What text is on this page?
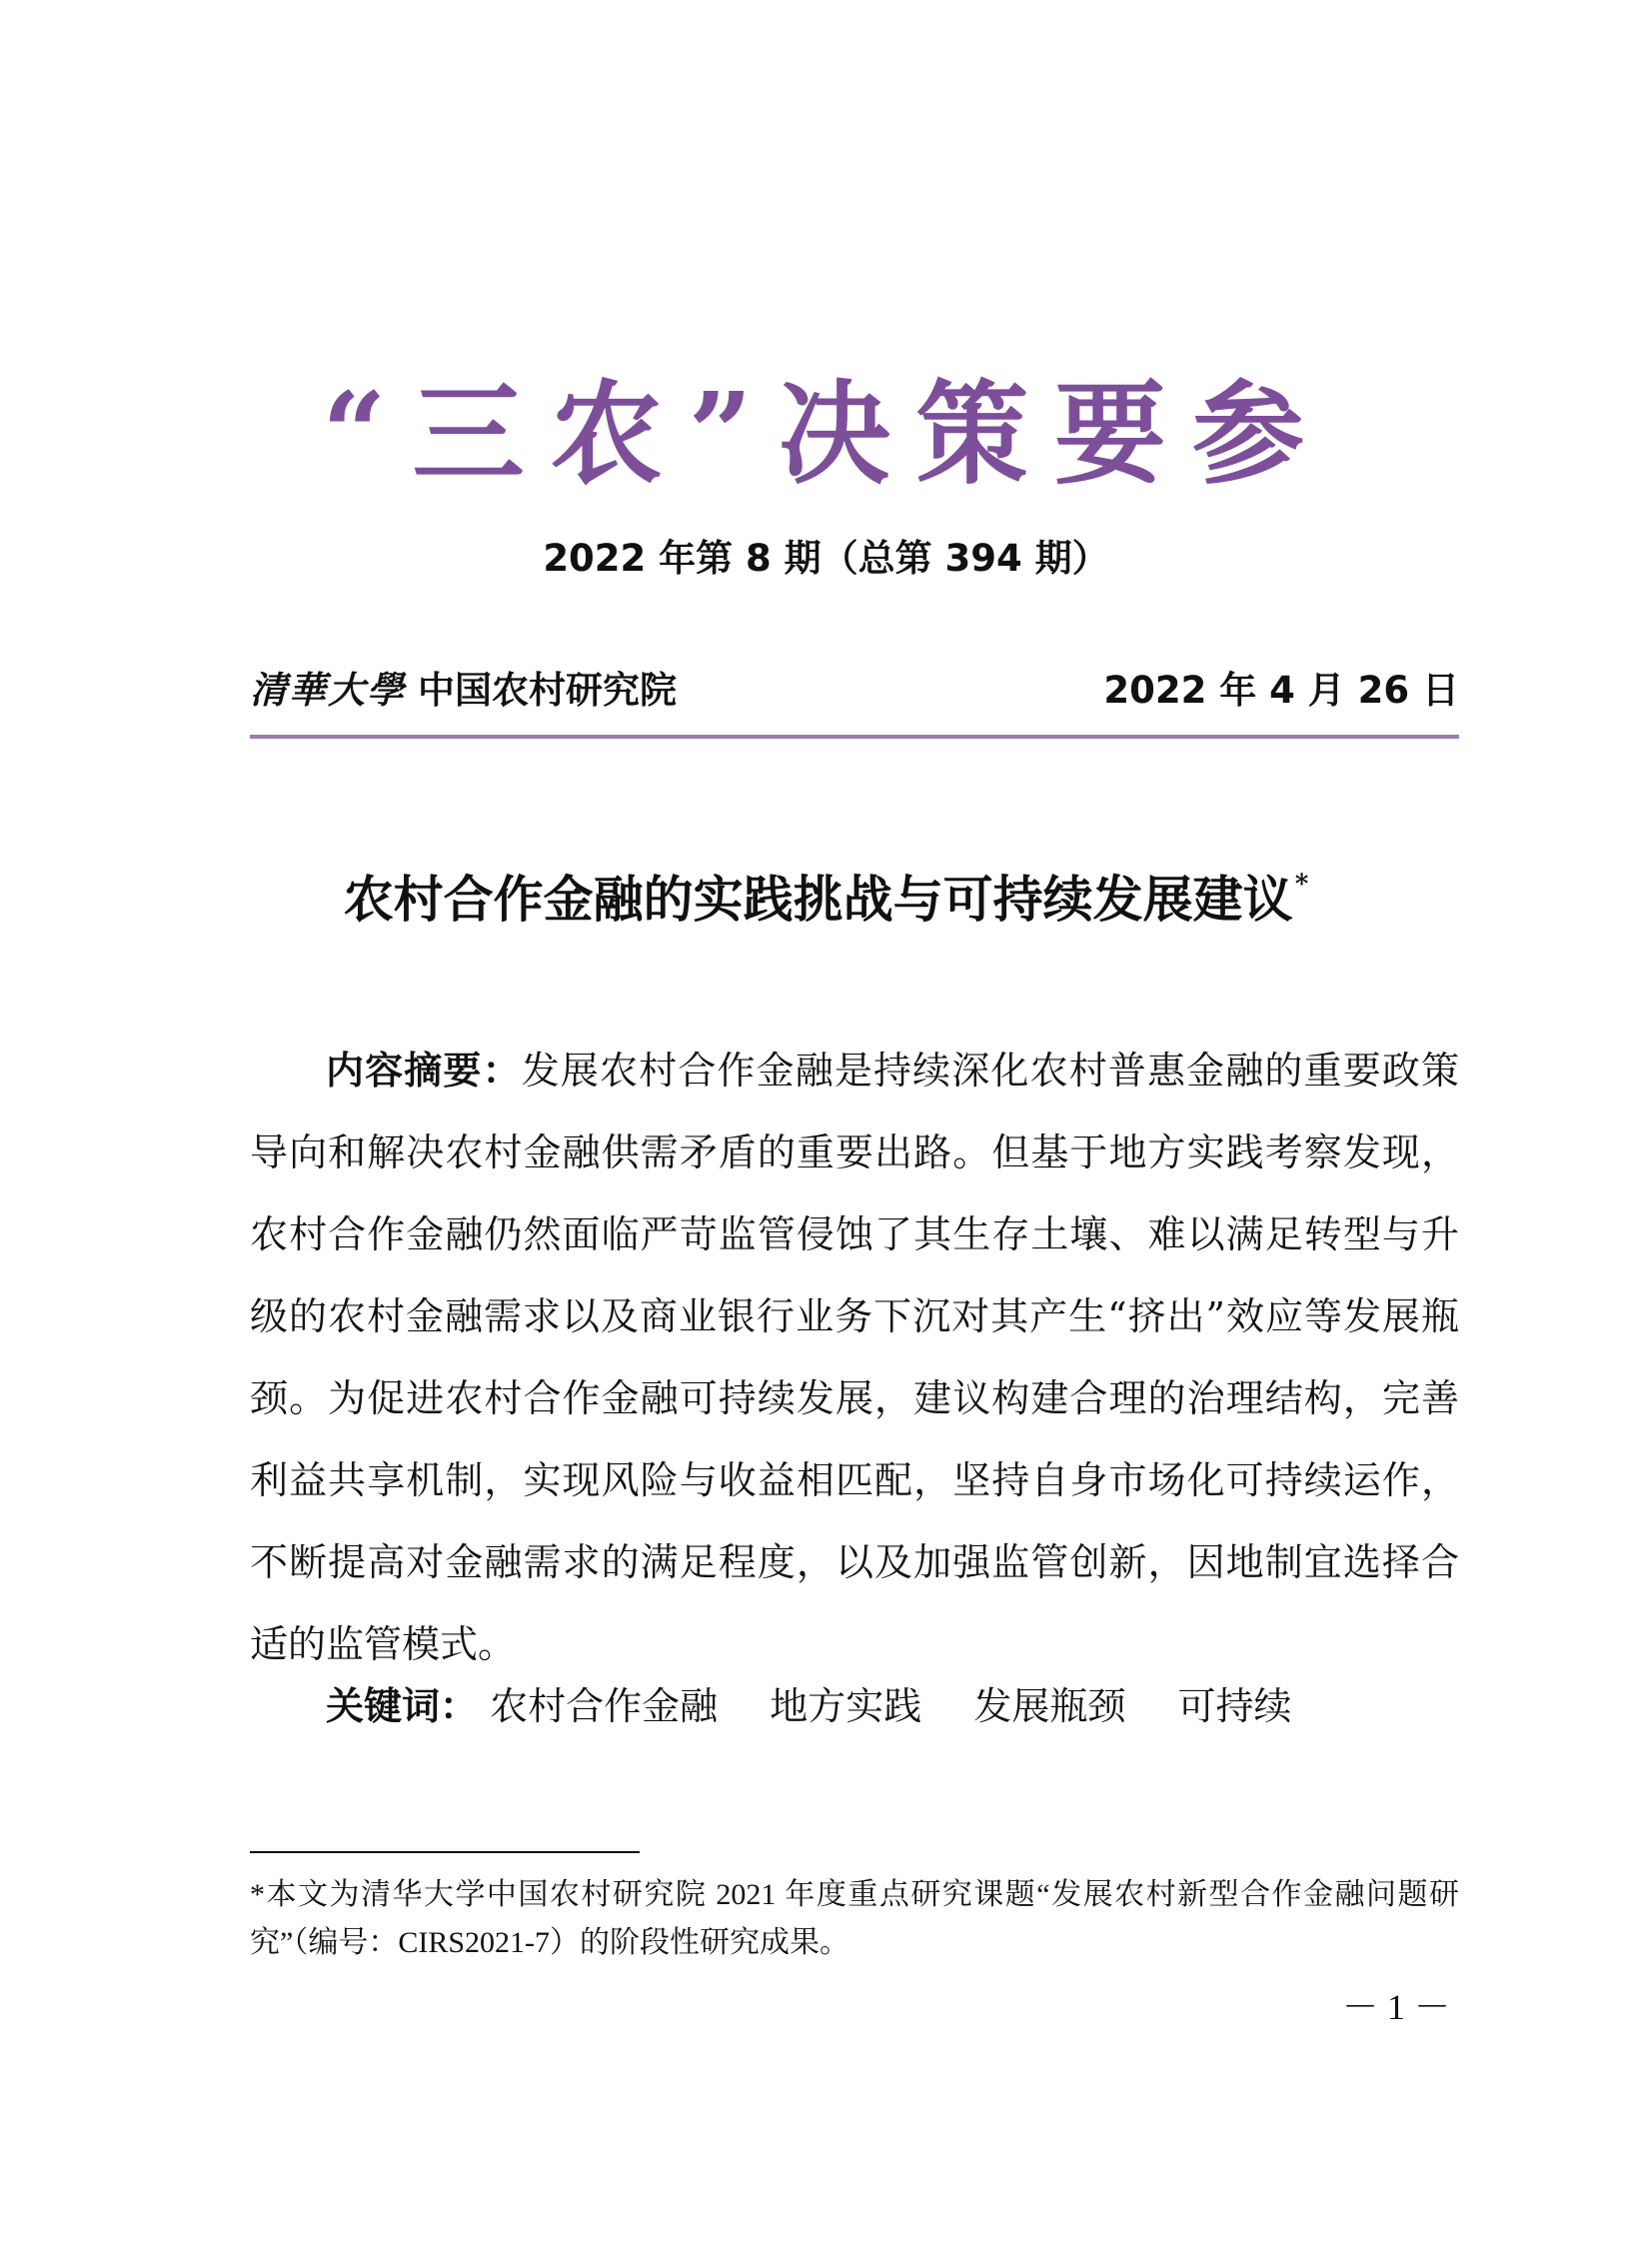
“三农”决策要参
2022 年第 8 期（总第 394 期）
清華大學 中国农村研究院	2022 年 4 月 26 日
农村合作金融的实践挑战与可持续发展建议*

内容摘要：发展农村合作金融是持续深化农村普惠金融的重要政策导向和解决农村金融供需矛盾的重要出路。但基于地方实践考察发现，农村合作金融仍然面临严苛监管侵蚀了其生存土壤、难以满足转型与升级的农村金融需求以及商业银行业务下沉对其产生“挤出”效应等发展瓶颈。为促进农村合作金融可持续发展，建议构建合理的治理结构，完善利益共享机制，实现风险与收益相匹配，坚持自身市场化可持续运作，不断提高对金融需求的满足程度，以及加强监管创新，因地制宜选择合适的监管模式。

关键词： 农村合作金融 地方实践 发展瓶颈 可持续

*本文为清华大学中国农村研究院 2021 年度重点研究课题“发展农村新型合作金融问题研究”（编号：CIRS2021-7）的阶段性研究成果。

－ 1 －
